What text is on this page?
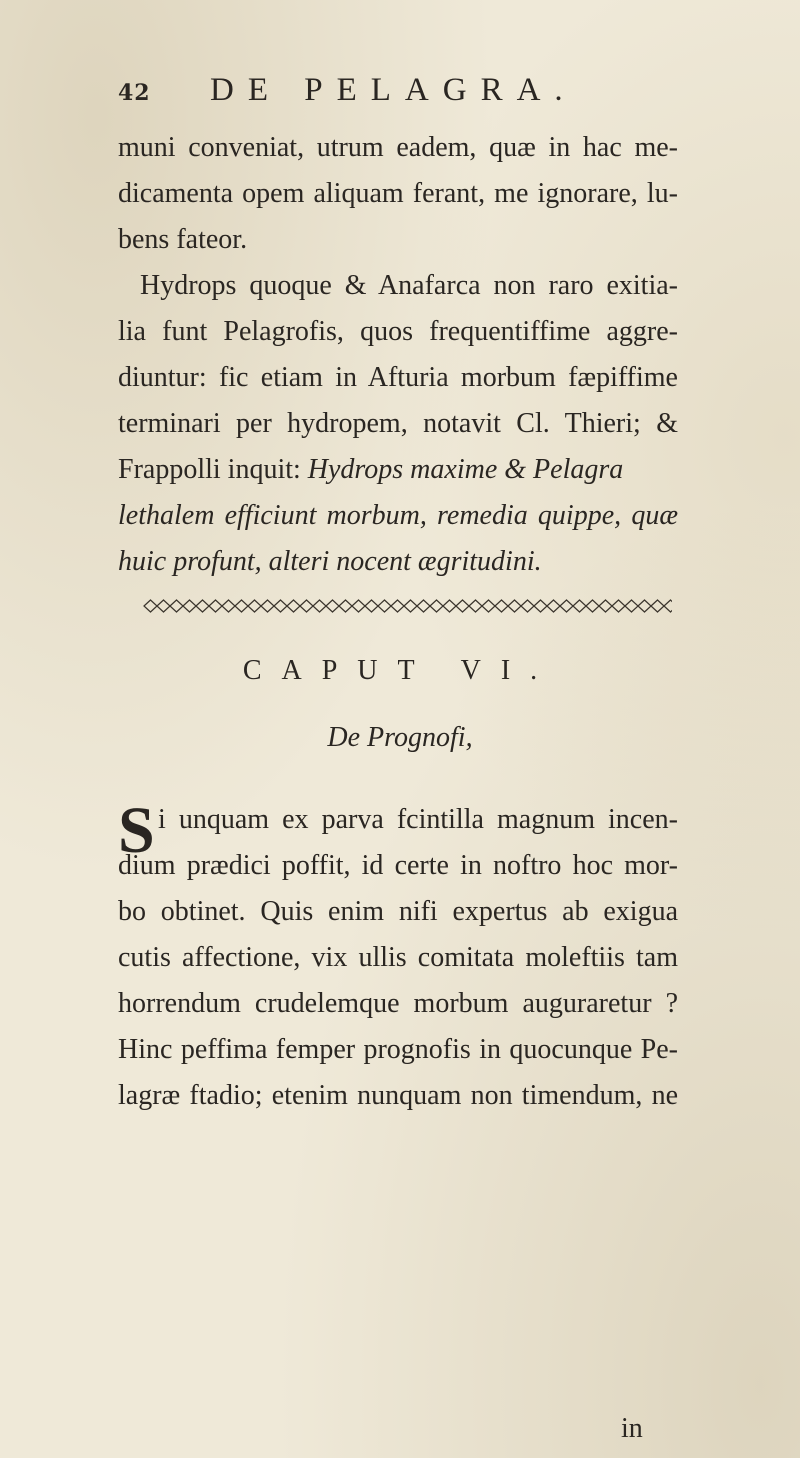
42 DE PELAGRA.
muni conveniat, utrum eadem, quæ in hac me-
dicamenta opem aliquam ferant, me ignorare, lu-
bens fateor.
Hydrops quoque & Anafarca non raro exitia-
lia funt Pelagrofis, quos frequentiffime aggre-
diuntur: fic etiam in Afturia morbum fæpiffime
terminari per hydropem, notavit Cl. Thieri; &
Frappolli inquit: Hydrops maxime & Pelagra
lethalem efficiunt morbum, remedia quippe, quæ
huic profunt, alteri nocent ægritudini.
CAPUT VI.
De Prognofi,
S i unquam ex parva fcintilla magnum incen-
dium prædici poffit, id certe in noftro hoc mor-
bo obtinet. Quis enim nifi expertus ab exigua
cutis affectione, vix ullis comitata moleftiis tam
horrendum crudelemque morbum auguraretur ?
Hinc peffima femper prognofis in quocunque Pe-
lagræ ftadio; etenim nunquam non timendum, ne
in
